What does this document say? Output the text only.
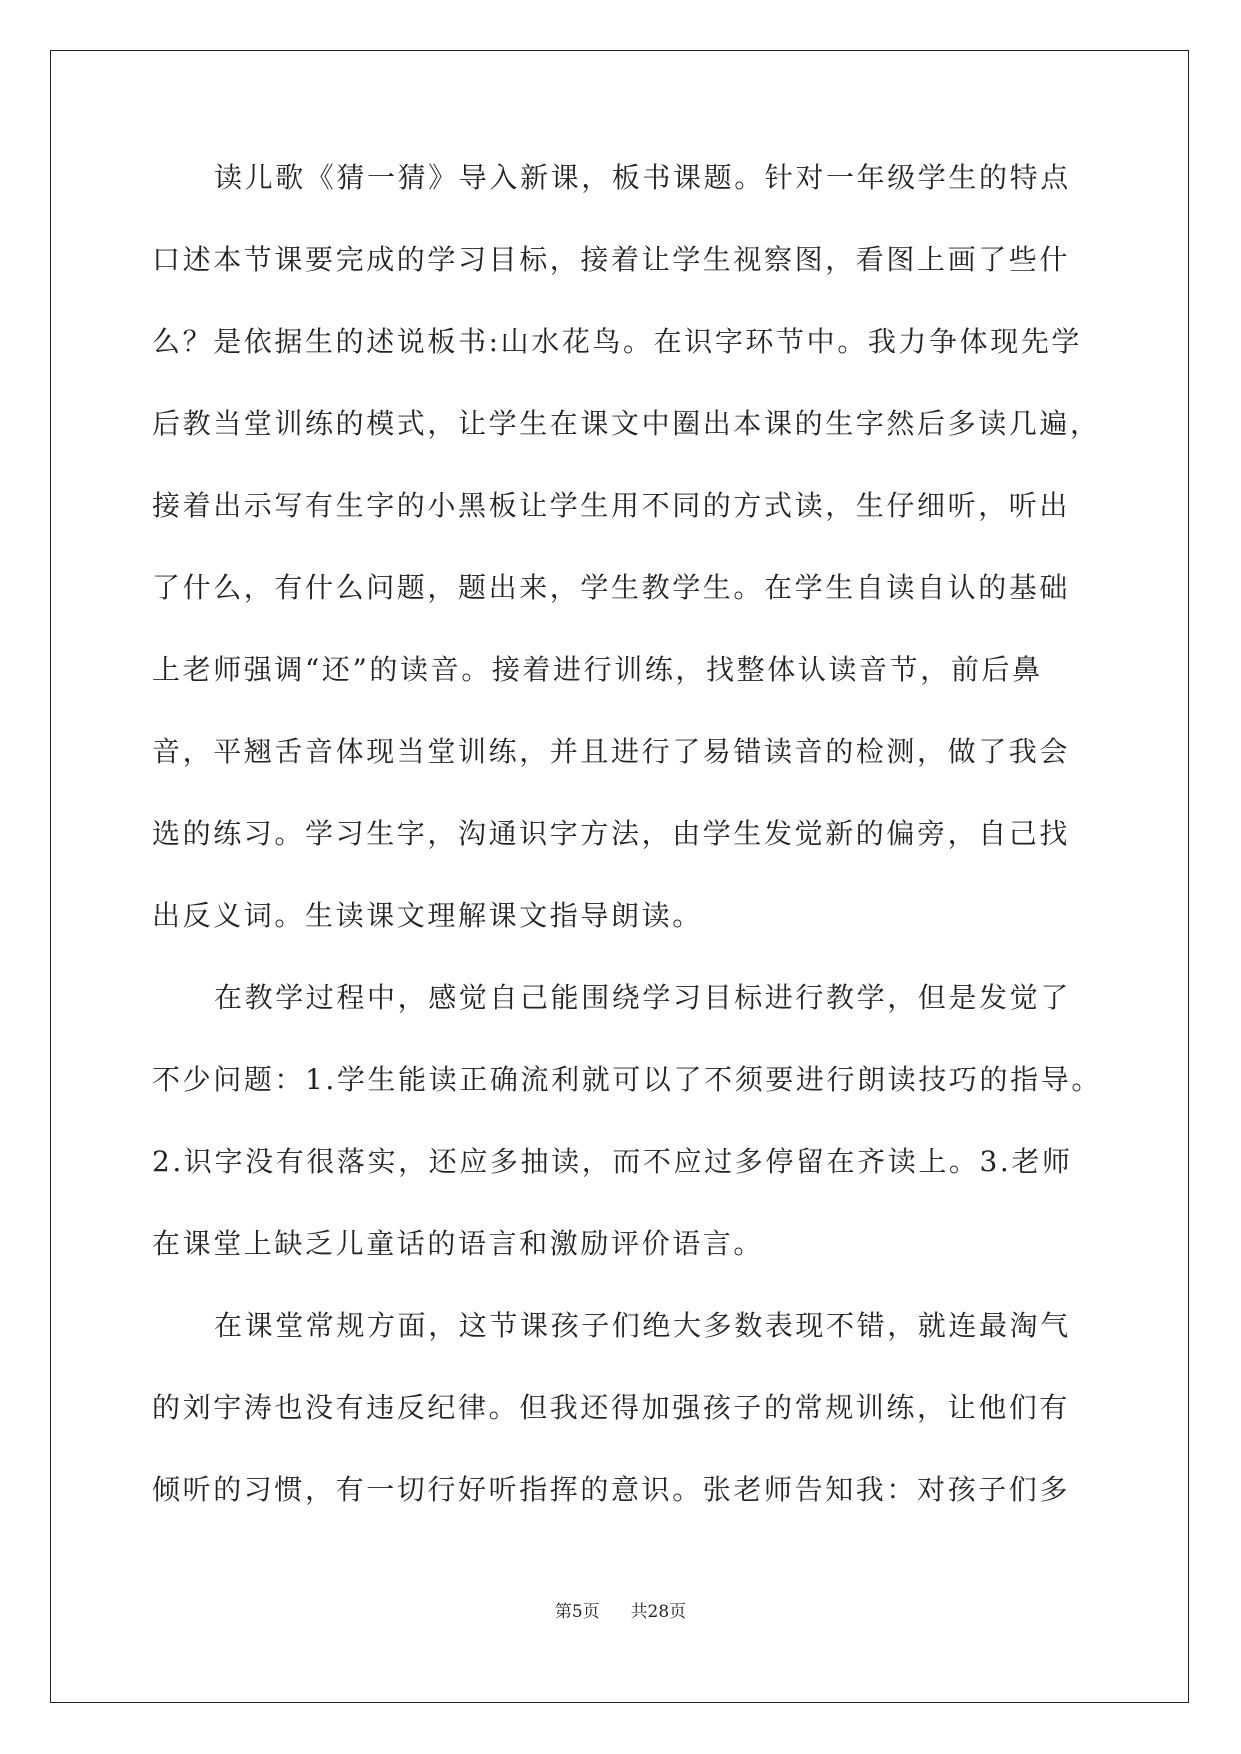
读儿歌《猜一猜》导入新课，板书课题。针对一年级学生的特点
口述本节课要完成的学习目标，接着让学生视察图，看图上画了些什
么？是依据生的述说板书:山水花鸟。在识字环节中。我力争体现先学
后教当堂训练的模式，让学生在课文中圈出本课的生字然后多读几遍，
接着出示写有生字的小黑板让学生用不同的方式读，生仔细听，听出
了什么，有什么问题，题出来，学生教学生。在学生自读自认的基础
上老师强调“还”的读音。接着进行训练，找整体认读音节，前后鼻
音，平翘舌音体现当堂训练，并且进行了易错读音的检测，做了我会
选的练习。学习生字，沟通识字方法，由学生发觉新的偏旁，自己找
出反义词。生读课文理解课文指导朗读。
在教学过程中，感觉自己能围绕学习目标进行教学，但是发觉了
不少问题：1.学生能读正确流利就可以了不须要进行朗读技巧的指导。
2.识字没有很落实，还应多抽读，而不应过多停留在齐读上。3.老师
在课堂上缺乏儿童话的语言和激励评价语言。
在课堂常规方面，这节课孩子们绝大多数表现不错，就连最淘气
的刘宇涛也没有违反纪律。但我还得加强孩子的常规训练，让他们有
倾听的习惯，有一切行好听指挥的意识。张老师告知我：对孩子们多
第5页 共28页
